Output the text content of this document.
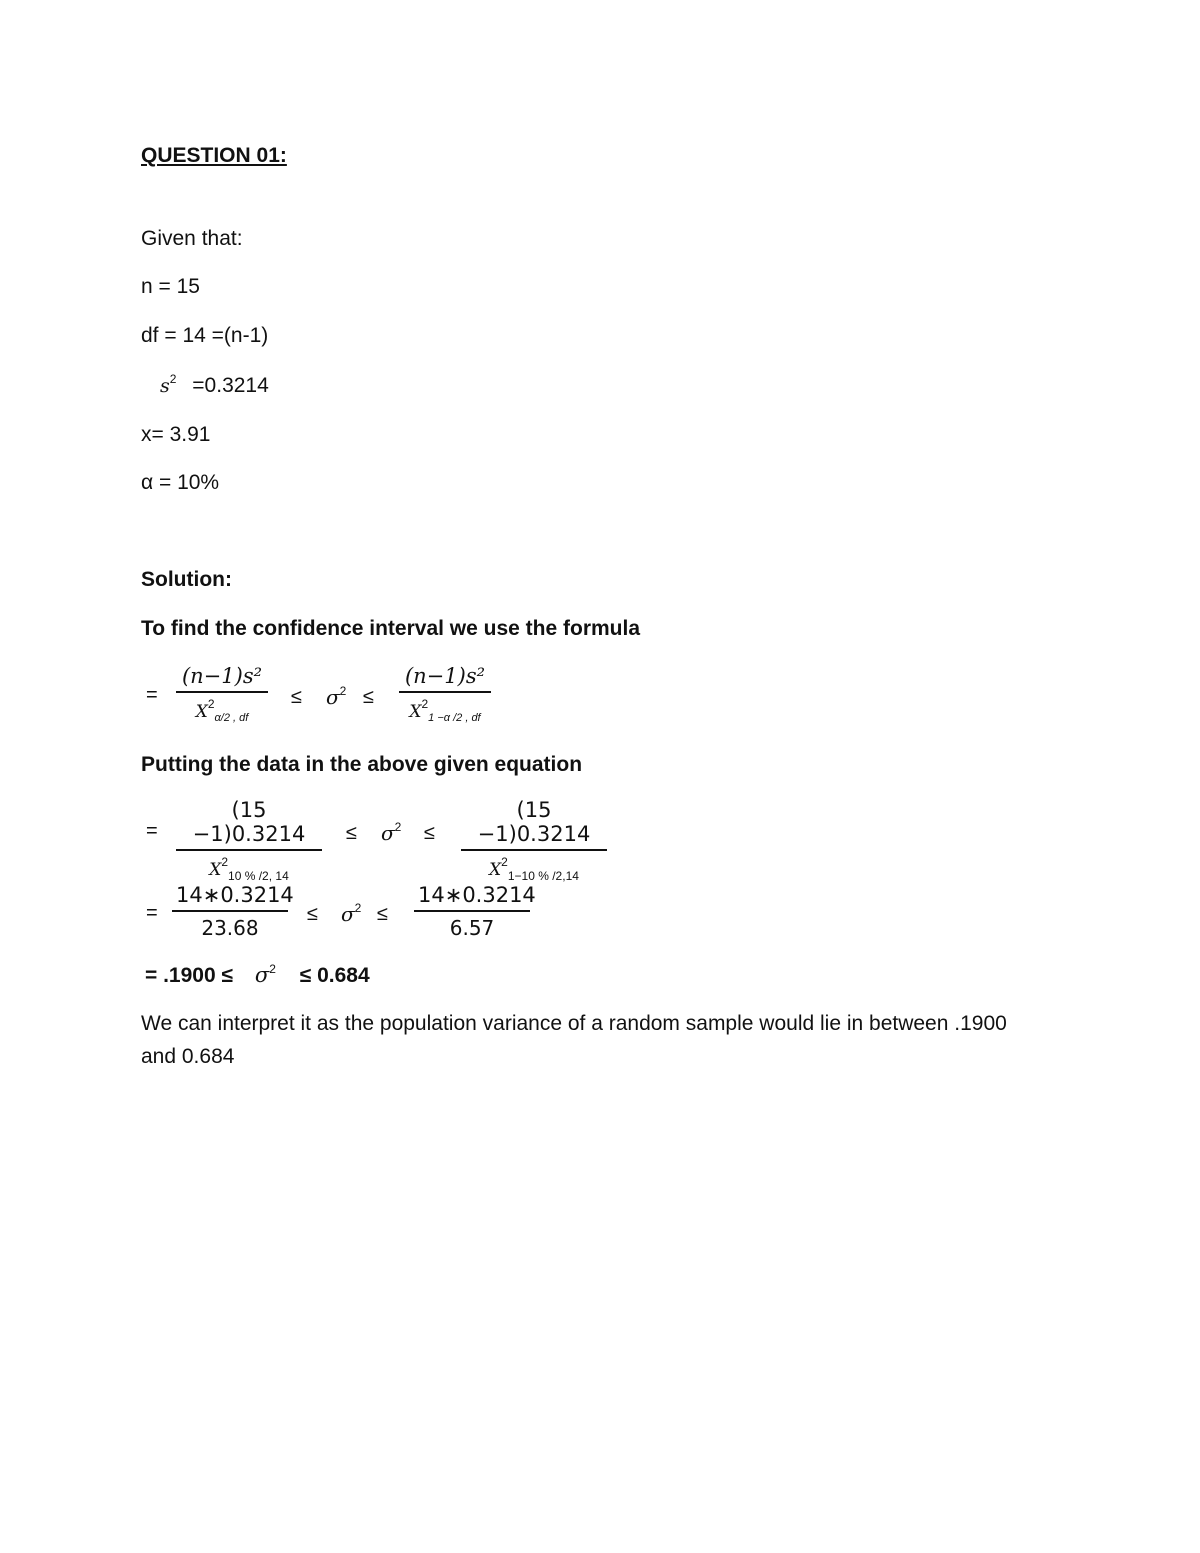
QUESTION 01:
Given that:
n = 15
df = 14 =(n-1)
$s^2 =0.3214$
x= 3.91
α = 10%
Solution:
To find the confidence interval we use the formula
=
(n−1)s²
$X^2_{\alpha/2 , df}$
≤ $\sigma^2$ ≤
(n−1)s²
$X^2_{1 -\alpha /2 , df}$
Putting the data in the above given equation
=
(15 −1)0.3214
$X^2_{10 \% /2, 14}$
≤ $\sigma^2$ ≤
(15 −1)0.3214
$X^2_{1-10 \% /2,14}$
= $\frac{14∗0.3214}{23.68} \le \sigma^2 \le \frac{14∗0.3214}{6.57}$
= $.1900 \le \sigma^2 \le 0.684$
We can interpret it as the population variance of a random sample would lie in between .1900
and 0.684
